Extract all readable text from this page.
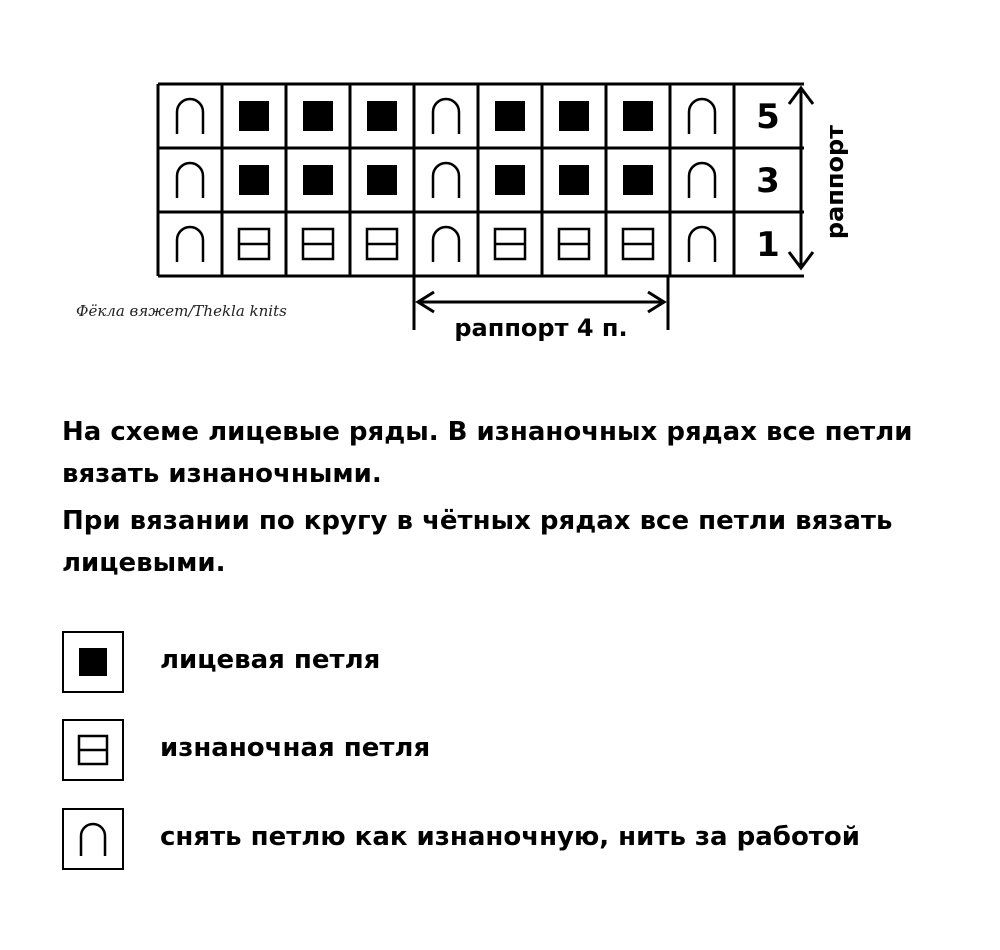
5
3
1
раппорт
раппорт 4 п.
Фёкла вяжет/Thekla knits

На схеме лицевые ряды. В изнаночных рядах все петли вязать изнаночными.

При вязании по кругу в чётных рядах все петли вязать лицевыми.

лицевая петля
изнаночная петля
снять петлю как изнаночную, нить за работой
